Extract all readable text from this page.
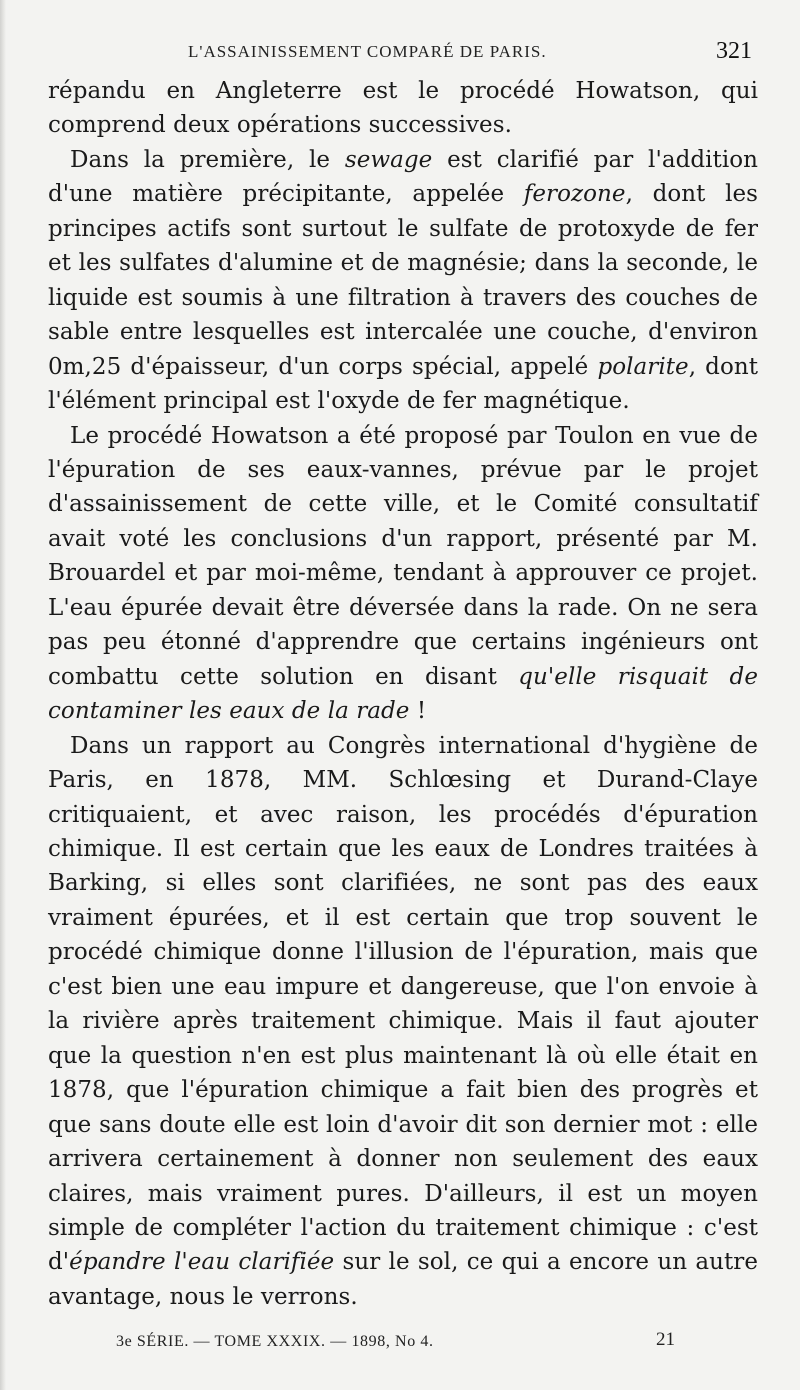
L'ASSAINISSEMENT COMPARÉ DE PARIS.	321

répandu en Angleterre est le procédé Howatson, qui comprend deux opérations successives.

Dans la première, le sewage est clarifié par l'addition d'une matière précipitante, appelée ferozone, dont les principes actifs sont surtout le sulfate de protoxyde de fer et les sulfates d'alumine et de magnésie; dans la seconde, le liquide est soumis à une filtration à travers des couches de sable entre lesquelles est intercalée une couche, d'environ 0m,25 d'épaisseur, d'un corps spécial, appelé polarite, dont l'élément principal est l'oxyde de fer magnétique.

Le procédé Howatson a été proposé par Toulon en vue de l'épuration de ses eaux-vannes, prévue par le projet d'assainissement de cette ville, et le Comité consultatif avait voté les conclusions d'un rapport, présenté par M. Brouardel et par moi-même, tendant à approuver ce projet. L'eau épurée devait être déversée dans la rade. On ne sera pas peu étonné d'apprendre que certains ingénieurs ont combattu cette solution en disant qu'elle risquait de contaminer les eaux de la rade !

Dans un rapport au Congrès international d'hygiène de Paris, en 1878, MM. Schlœsing et Durand-Claye critiquaient, et avec raison, les procédés d'épuration chimique. Il est certain que les eaux de Londres traitées à Barking, si elles sont clarifiées, ne sont pas des eaux vraiment épurées, et il est certain que trop souvent le procédé chimique donne l'illusion de l'épuration, mais que c'est bien une eau impure et dangereuse, que l'on envoie à la rivière après traitement chimique. Mais il faut ajouter que la question n'en est plus maintenant là où elle était en 1878, que l'épuration chimique a fait bien des progrès et que sans doute elle est loin d'avoir dit son dernier mot : elle arrivera certainement à donner non seulement des eaux claires, mais vraiment pures. D'ailleurs, il est un moyen simple de compléter l'action du traitement chimique : c'est d'épandre l'eau clarifiée sur le sol, ce qui a encore un autre avantage, nous le verrons.

3e SÉRIE. — TOME XXXIX. — 1898, No 4.	21
